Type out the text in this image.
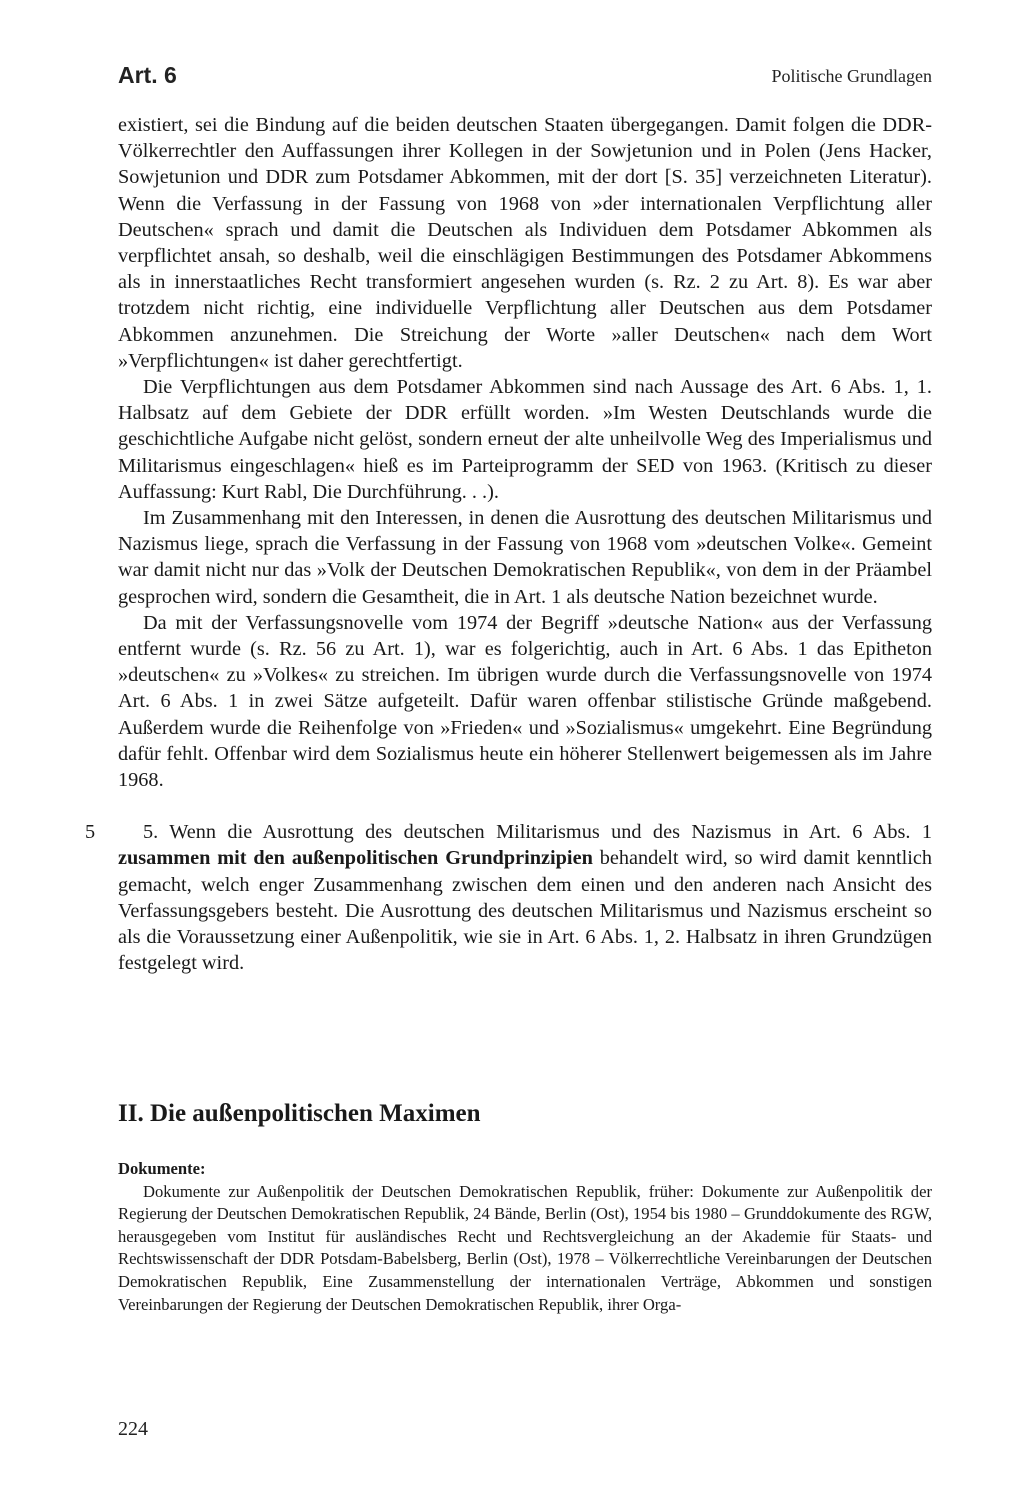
Art. 6	Politische Grundlagen

existiert, sei die Bindung auf die beiden deutschen Staaten übergegangen. Damit folgen die DDR-Völkerrechtler den Auffassungen ihrer Kollegen in der Sowjetunion und in Polen (Jens Hacker, Sowjetunion und DDR zum Potsdamer Abkommen, mit der dort [S. 35] verzeichneten Literatur). Wenn die Verfassung in der Fassung von 1968 von »der internationalen Verpflichtung aller Deutschen« sprach und damit die Deutschen als Individuen dem Potsdamer Abkommen als verpflichtet ansah, so deshalb, weil die einschlägigen Bestimmungen des Potsdamer Abkommens als in innerstaatliches Recht transformiert angesehen wurden (s. Rz. 2 zu Art. 8). Es war aber trotzdem nicht richtig, eine individuelle Verpflichtung aller Deutschen aus dem Potsdamer Abkommen anzunehmen. Die Streichung der Worte »aller Deutschen« nach dem Wort »Verpflichtungen« ist daher gerechtfertigt.

Die Verpflichtungen aus dem Potsdamer Abkommen sind nach Aussage des Art. 6 Abs. 1, 1. Halbsatz auf dem Gebiete der DDR erfüllt worden. »Im Westen Deutschlands wurde die geschichtliche Aufgabe nicht gelöst, sondern erneut der alte unheilvolle Weg des Imperialismus und Militarismus eingeschlagen« hieß es im Parteiprogramm der SED von 1963. (Kritisch zu dieser Auffassung: Kurt Rabl, Die Durchführung. . .).

Im Zusammenhang mit den Interessen, in denen die Ausrottung des deutschen Militarismus und Nazismus liege, sprach die Verfassung in der Fassung von 1968 vom »deutschen Volke«. Gemeint war damit nicht nur das »Volk der Deutschen Demokratischen Republik«, von dem in der Präambel gesprochen wird, sondern die Gesamtheit, die in Art. 1 als deutsche Nation bezeichnet wurde.

Da mit der Verfassungsnovelle vom 1974 der Begriff »deutsche Nation« aus der Verfassung entfernt wurde (s. Rz. 56 zu Art. 1), war es folgerichtig, auch in Art. 6 Abs. 1 das Epitheton »deutschen« zu »Volkes« zu streichen. Im übrigen wurde durch die Verfassungsnovelle von 1974 Art. 6 Abs. 1 in zwei Sätze aufgeteilt. Dafür waren offenbar stilistische Gründe maßgebend. Außerdem wurde die Reihenfolge von »Frieden« und »Sozialismus« umgekehrt. Eine Begründung dafür fehlt. Offenbar wird dem Sozialismus heute ein höherer Stellenwert beigemessen als im Jahre 1968.

5 5. Wenn die Ausrottung des deutschen Militarismus und des Nazismus in Art. 6 Abs. 1 zusammen mit den außenpolitischen Grundprinzipien behandelt wird, so wird damit kenntlich gemacht, welch enger Zusammenhang zwischen dem einen und den anderen nach Ansicht des Verfassungsgebers besteht. Die Ausrottung des deutschen Militarismus und Nazismus erscheint so als die Voraussetzung einer Außenpolitik, wie sie in Art. 6 Abs. 1, 2. Halbsatz in ihren Grundzügen festgelegt wird.

II. Die außenpolitischen Maximen
Dokumente:

Dokumente zur Außenpolitik der Deutschen Demokratischen Republik, früher: Dokumente zur Außenpolitik der Regierung der Deutschen Demokratischen Republik, 24 Bände, Berlin (Ost), 1954 bis 1980 – Grunddokumente des RGW, herausgegeben vom Institut für ausländisches Recht und Rechtsvergleichung an der Akademie für Staats- und Rechtswissenschaft der DDR Potsdam-Babelsberg, Berlin (Ost), 1978 – Völkerrechtliche Vereinbarungen der Deutschen Demokratischen Republik, Eine Zusammenstellung der internationalen Verträge, Abkommen und sonstigen Vereinbarungen der Regierung der Deutschen Demokratischen Republik, ihrer Orga-

224
